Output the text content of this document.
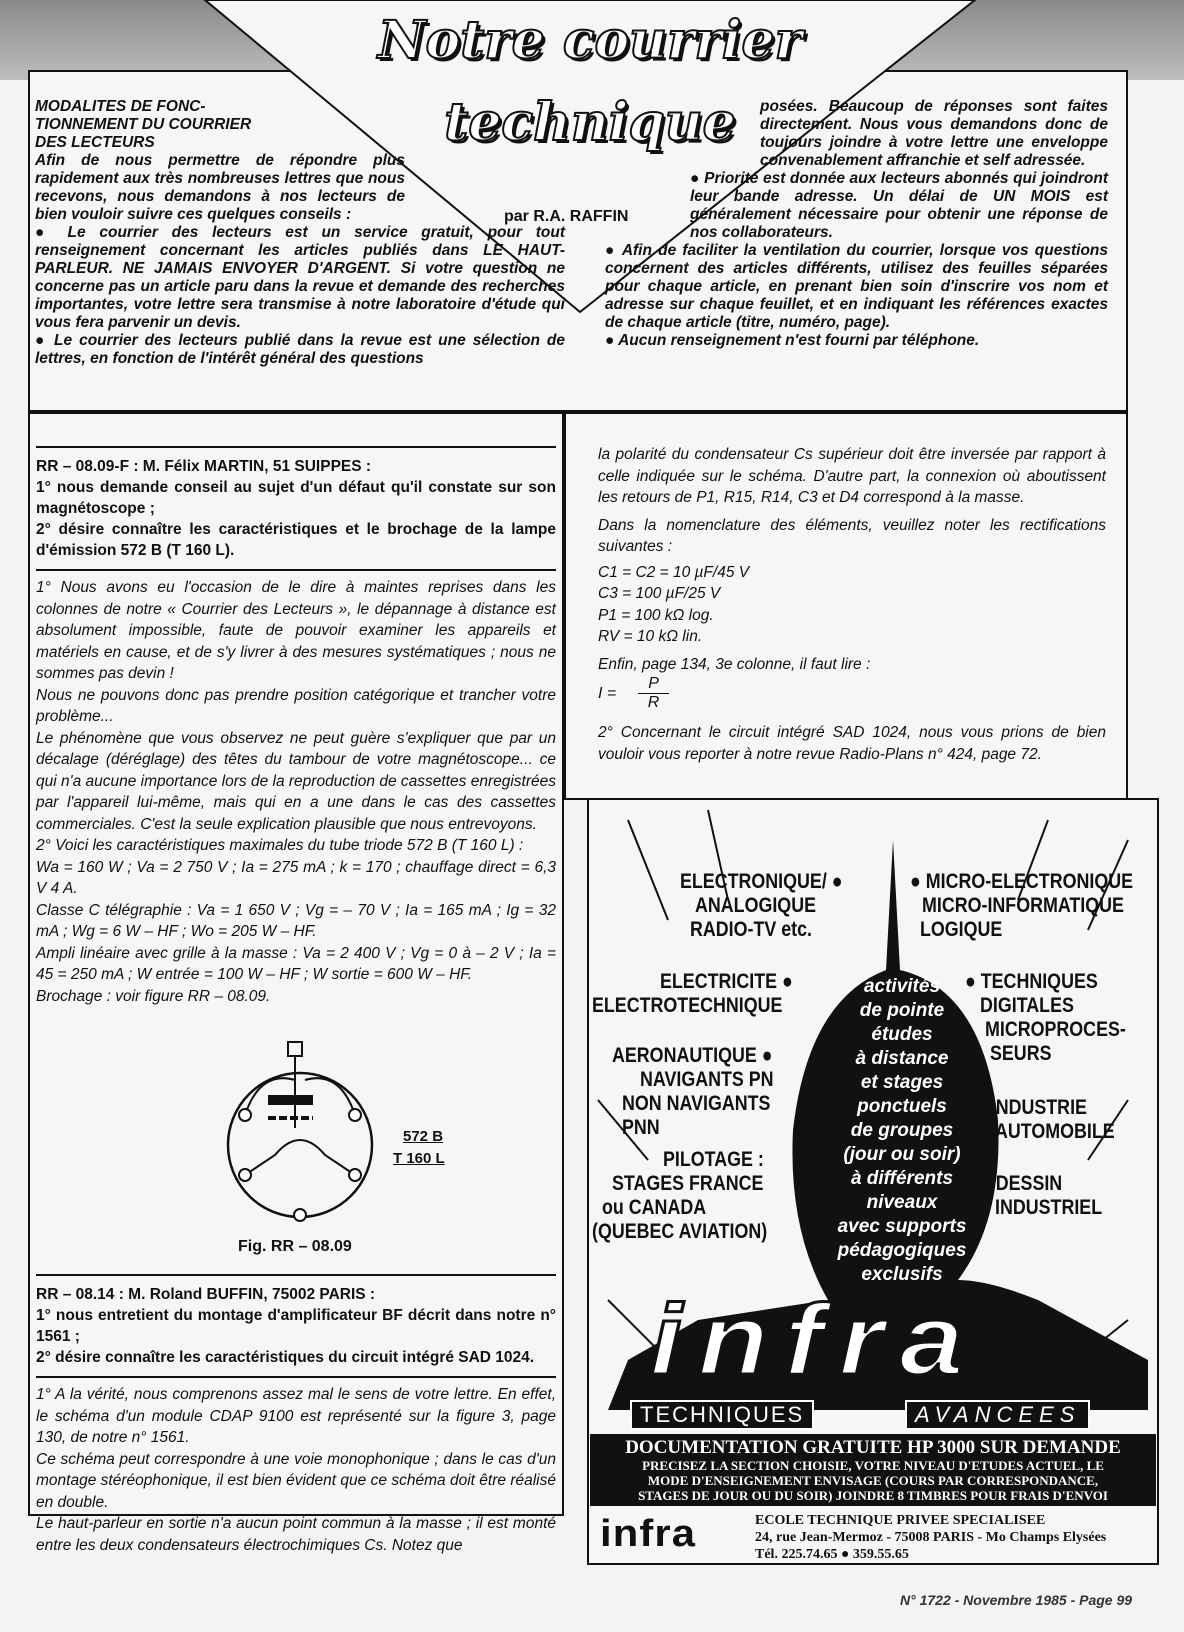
Notre courrier
technique
par R.A. RAFFIN
MODALITES DE FONC-
TIONNEMENT DU COURRIER
DES LECTEURS
Afin de nous permettre de répondre plus rapidement aux très nombreuses lettres que nous recevons, nous demandons à nos lecteurs de bien vouloir suivre ces quelques conseils :
● Le courrier des lecteurs est un service gratuit, pour tout renseignement concernant les articles publiés dans LE HAUT-PARLEUR. NE JAMAIS ENVOYER D'ARGENT. Si votre question ne concerne pas un article paru dans la revue et demande des recherches importantes, votre lettre sera transmise à notre laboratoire d'étude qui vous fera parvenir un devis.
● Le courrier des lecteurs publié dans la revue est une sélection de lettres, en fonction de l'intérêt général des questions
posées. Beaucoup de réponses sont faites directement. Nous vous demandons donc de toujours joindre à votre lettre une enveloppe convenablement affranchie et self adressée.
● Priorité est donnée aux lecteurs abonnés qui joindront leur bande adresse. Un délai de UN MOIS est généralement nécessaire pour obtenir une réponse de nos collaborateurs.
● Afin de faciliter la ventilation du courrier, lorsque vos questions concernent des articles différents, utilisez des feuilles séparées pour chaque article, en prenant bien soin d'inscrire vos nom et adresse sur chaque feuillet, et en indiquant les références exactes de chaque article (titre, numéro, page).
● Aucun renseignement n'est fourni par téléphone.
RR – 08.09-F : M. Félix MARTIN, 51 SUIPPES :
1° nous demande conseil au sujet d'un défaut qu'il constate sur son magnétoscope ;
2° désire connaître les caractéristiques et le brochage de la lampe d'émission 572 B (T 160 L).
1° Nous avons eu l'occasion de le dire à maintes reprises dans les colonnes de notre « Courrier des Lecteurs », le dépannage à distance est absolument impossible, faute de pouvoir examiner les appareils et matériels en cause, et de s'y livrer à des mesures systématiques ; nous ne sommes pas devin !
Nous ne pouvons donc pas prendre position catégorique et trancher votre problème...
Le phénomène que vous observez ne peut guère s'expliquer que par un décalage (déréglage) des têtes du tambour de votre magnétoscope... ce qui n'a aucune importance lors de la reproduction de cassettes enregistrées par l'appareil lui-même, mais qui en a une dans le cas des cassettes commerciales. C'est la seule explication plausible que nous entrevoyons.
2° Voici les caractéristiques maximales du tube triode 572 B (T 160 L) :
Wa = 160 W ; Va = 2 750 V ; Ia = 275 mA ; k = 170 ; chauffage direct = 6,3 V 4 A.
Classe C télégraphie : Va = 1 650 V ; Vg = – 70 V ; Ia = 165 mA ; Ig = 32 mA ; Wg = 6 W – HF ; Wo = 205 W – HF.
Ampli linéaire avec grille à la masse : Va = 2 400 V ; Vg = 0 à – 2 V ; Ia = 45 = 250 mA ; W entrée = 100 W – HF ; W sortie = 600 W – HF.
Brochage : voir figure RR – 08.09.
572 B
T 160 L
Fig. RR – 08.09
RR – 08.14 : M. Roland BUFFIN, 75002 PARIS :
1° nous entretient du montage d'amplificateur BF décrit dans notre n° 1561 ;
2° désire connaître les caractéristiques du circuit intégré SAD 1024.
1° A la vérité, nous comprenons assez mal le sens de votre lettre. En effet, le schéma d'un module CDAP 9100 est représenté sur la figure 3, page 130, de notre n° 1561.
Ce schéma peut correspondre à une voie monophonique ; dans le cas d'un montage stéréophonique, il est bien évident que ce schéma doit être réalisé en double.
Le haut-parleur en sortie n'a aucun point commun à la masse ; il est monté entre les deux condensateurs électrochimiques Cs. Notez que
la polarité du condensateur Cs supérieur doit être inversée par rapport à celle indiquée sur le schéma. D'autre part, la connexion où aboutissent les retours de P1, R15, R14, C3 et D4 correspond à la masse.
Dans la nomenclature des éléments, veuillez noter les rectifications suivantes :
C1 = C2 = 10 µF/45 V
C3 = 100 µF/25 V
P1 = 100 kΩ log.
RV = 10 kΩ lin.
Enfin, page 134, 3e colonne, il faut lire :
$I = \frac{P}{R}$
2° Concernant le circuit intégré SAD 1024, nous vous prions de bien vouloir vous reporter à notre revue Radio-Plans n° 424, page 72.
activités
de pointe
études
à distance
et stages
ponctuels
de groupes
(jour ou soir)
à différents
niveaux
avec supports
pédagogiques
exclusifs
ELECTRONIQUE/ ●
ANALOGIQUE
RADIO-TV etc.
ELECTRICITE ●
ELECTROTECHNIQUE
AERONAUTIQUE ●
NAVIGANTS PN
NON NAVIGANTS
PNN
PILOTAGE :
STAGES FRANCE
ou CANADA
(QUEBEC AVIATION)
● MICRO-ELECTRONIQUE
MICRO-INFORMATIQUE
LOGIQUE
● TECHNIQUES
DIGITALES
MICROPROCES-
SEURS
● INDUSTRIE
AUTOMOBILE
● DESSIN
INDUSTRIEL
infra
TECHNIQUES	AVANCEES
DOCUMENTATION GRATUITE HP 3000 SUR DEMANDE
PRECISEZ LA SECTION CHOISIE, VOTRE NIVEAU D'ETUDES ACTUEL, LE
MODE D'ENSEIGNEMENT ENVISAGE (COURS PAR CORRESPONDANCE,
STAGES DE JOUR OU DU SOIR) JOINDRE 8 TIMBRES POUR FRAIS D'ENVOI
infra	ECOLE TECHNIQUE PRIVEE SPECIALISEE
24, rue Jean-Mermoz - 75008 PARIS - Mo Champs Elysées
Tél. 225.74.65 ● 359.55.65
N° 1722 - Novembre 1985 - Page 99
